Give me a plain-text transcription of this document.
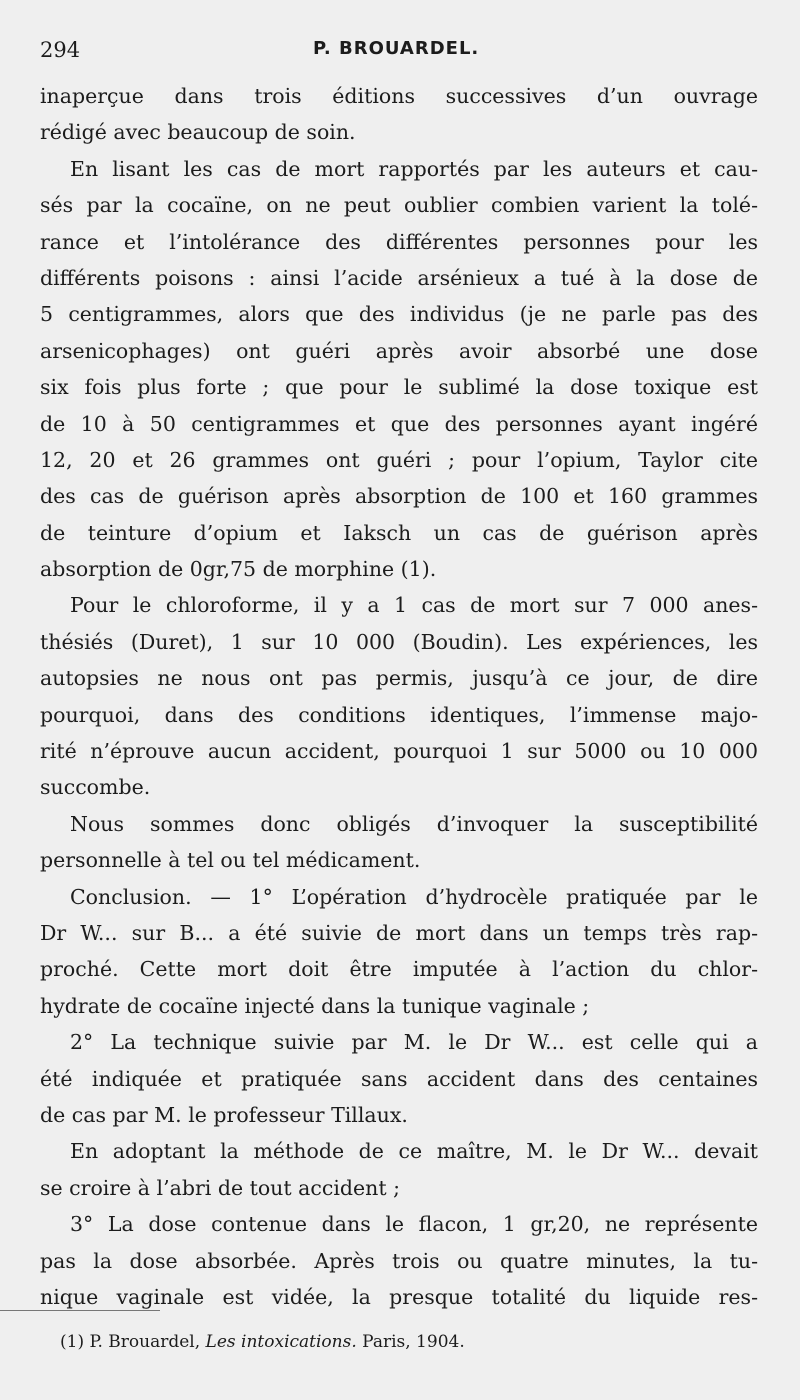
294	P. BROUARDEL.
inaperçue dans trois éditions successives d’un ouvrage
rédigé avec beaucoup de soin.
En lisant les cas de mort rapportés par les auteurs et cau-
sés par la cocaïne, on ne peut oublier combien varient la tolé-
rance et l’intolérance des différentes personnes pour les
différents poisons : ainsi l’acide arsénieux a tué à la dose de
5 centigrammes, alors que des individus (je ne parle pas des
arsenicophages) ont guéri après avoir absorbé une dose
six fois plus forte ; que pour le sublimé la dose toxique est
de 10 à 50 centigrammes et que des personnes ayant ingéré
12, 20 et 26 grammes ont guéri ; pour l’opium, Taylor cite
des cas de guérison après absorption de 100 et 160 grammes
de teinture d’opium et Iaksch un cas de guérison après
absorption de 0gr,75 de morphine (1).
Pour le chloroforme, il y a 1 cas de mort sur 7 000 anes-
thésiés (Duret), 1 sur 10 000 (Boudin). Les expériences, les
autopsies ne nous ont pas permis, jusqu’à ce jour, de dire
pourquoi, dans des conditions identiques, l’immense majo-
rité n’éprouve aucun accident, pourquoi 1 sur 5000 ou 10 000
succombe.
Nous sommes donc obligés d’invoquer la susceptibilité
personnelle à tel ou tel médicament.
Conclusion. — 1° L’opération d’hydrocèle pratiquée par le
Dr W... sur B... a été suivie de mort dans un temps très rap-
proché. Cette mort doit être imputée à l’action du chlor-
hydrate de cocaïne injecté dans la tunique vaginale ;
2° La technique suivie par M. le Dr W... est celle qui a
été indiquée et pratiquée sans accident dans des centaines
de cas par M. le professeur Tillaux.
En adoptant la méthode de ce maître, M. le Dr W... devait
se croire à l’abri de tout accident ;
3° La dose contenue dans le flacon, 1 gr,20, ne représente
pas la dose absorbée. Après trois ou quatre minutes, la tu-
nique vaginale est vidée, la presque totalité du liquide res-
(1) P. Brouardel, Les intoxications. Paris, 1904.
